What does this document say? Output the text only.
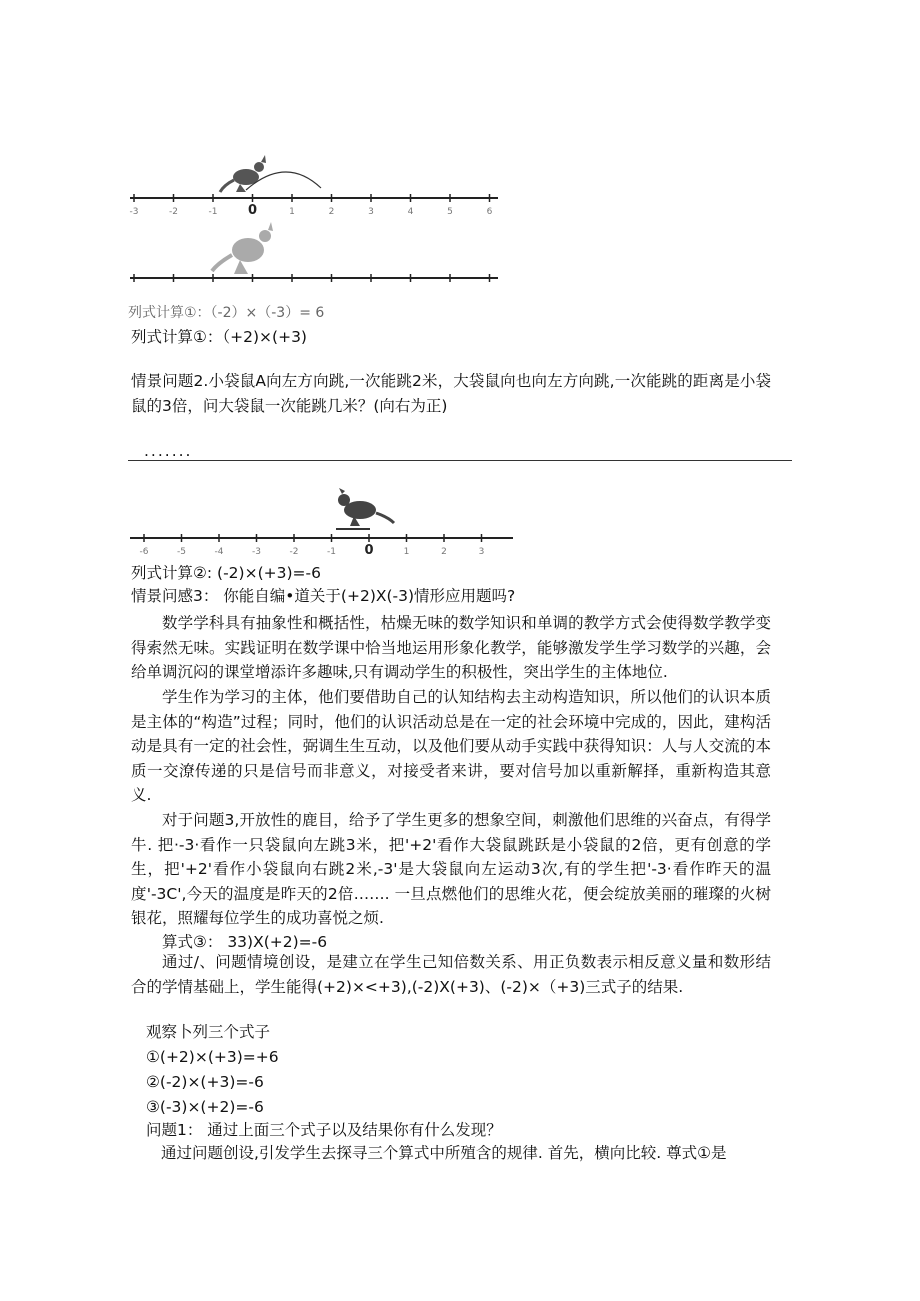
-3	-2	-1 0	1	2	3	4	5	6
列式计算①：（-2）×（-3）= 6
列式计算①：（+2)×(+3)
情景问题2.小袋鼠A向左方向跳,一次能跳2米，大袋鼠向也向左方向跳,一次能跳的距离是小袋鼠的3倍，问大袋鼠一次能跳几米？(向右为正)
.......
-6	-5	-4	-3	-2	-1 0	1	2	3
列式计算②: (-2)×(+3)=-6
情景问感3： 你能自编•道关于(+2)X(-3)情形应用题吗?
数学学科具有抽象性和概括性，枯燥无味的数学知识和单调的教学方式会使得数学教学变得索然无味。实践证明在数学课中恰当地运用形象化教学，能够激发学生学习数学的兴趣，会给单调沉闷的课堂增添许多趣味,只有调动学生的积极性，突出学生的主体地位.
学生作为学习的主体，他们要借助自己的认知结构去主动构造知识，所以他们的认识本质是主体的“构造”过程；同时，他们的认识活动总是在一定的社会环境中完成的，因此，建构活动是具有一定的社会性，弼调生生互动，以及他们要从动手实践中获得知识：人与人交流的本质一交潦传递的只是信号而非意义，对接受者来讲，要对信号加以重新解择，重新构造其意义.
对于问题3,开放性的鹿目，给予了学生更多的想象空间，刺激他们思维的兴奋点，有得学牛. 把·-3·看作一只袋鼠向左跳3米，把'+2'看作大袋鼠跳跃是小袋鼠的2倍，更有创意的学生，把'+2'看作小袋鼠向右跳2米,-3'是大袋鼠向左运动3次,有的学生把'-3·看作昨天的温度'-3C',今天的温度是昨天的2倍……. 一旦点燃他们的思维火花，便会绽放美丽的璀璨的火树银花，照耀每位学生的成功喜悦之烦.
算式③： 33)X(+2)=-6
通过/、问题情境创设，是建立在学生己知倍数关系、用正负数表示相反意义量和数形结合的学情基础上，学生能得(+2)×<+3),(-2)X(+3)、(-2)×（+3)三式子的结果.
观察卜列三个式子
①(+2)×(+3)=+6
②(-2)×(+3)=-6
③(-3)×(+2)=-6
问题1： 通过上面三个式子以及结果你有什么发现？
通过问题创设,引发学生去探寻三个算式中所殖含的规律. 首先，横向比较. 尊式①是
